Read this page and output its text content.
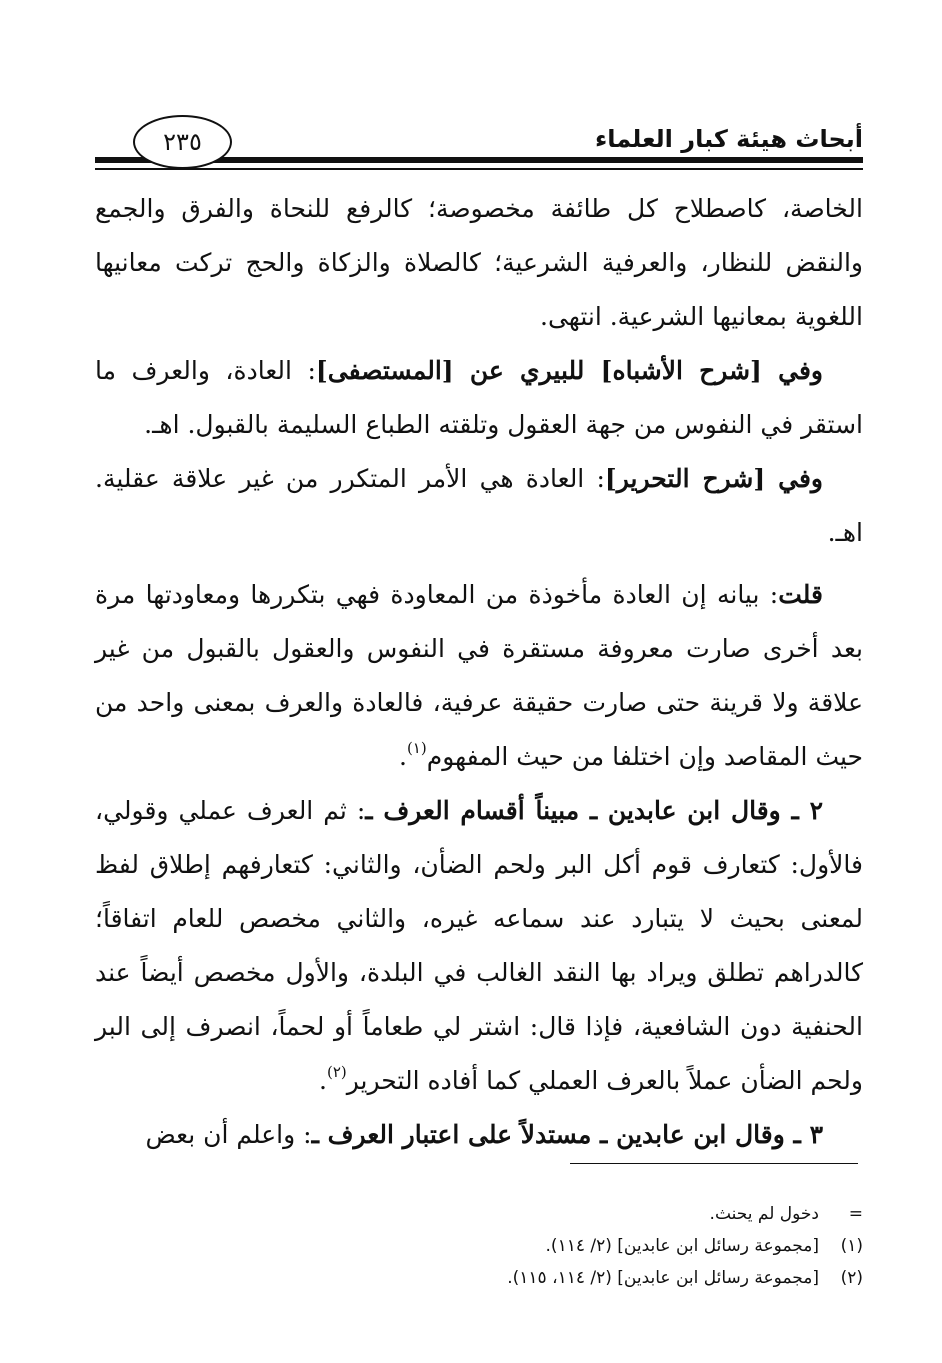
٢٣٥	أبحاث هيئة كبار العلماء

الخاصة، كاصطلاح كل طائفة مخصوصة؛ كالرفع للنحاة والفرق والجمع والنقض للنظار، والعرفية الشرعية؛ كالصلاة والزكاة والحج تركت معانيها اللغوية بمعانيها الشرعية. انتهى.

وفي [شرح الأشباه] للبيري عن [المستصفى]: العادة، والعرف ما استقر في النفوس من جهة العقول وتلقته الطباع السليمة بالقبول. اهـ.

وفي [شرح التحرير]: العادة هي الأمر المتكرر من غير علاقة عقلية. اهـ.

قلت: بيانه إن العادة مأخوذة من المعاودة فهي بتكررها ومعاودتها مرة بعد أخرى صارت معروفة مستقرة في النفوس والعقول بالقبول من غير علاقة ولا قرينة حتى صارت حقيقة عرفية، فالعادة والعرف بمعنى واحد من حيث المقاصد وإن اختلفا من حيث المفهوم$^{(١)}$.

٢ ـ وقال ابن عابدين ـ مبيناً أقسام العرف ـ: ثم العرف عملي وقولي، فالأول: كتعارف قوم أكل البر ولحم الضأن، والثاني: كتعارفهم إطلاق لفظ لمعنى بحيث لا يتبارد عند سماعه غيره، والثاني مخصص للعام اتفاقاً؛ كالدراهم تطلق ويراد بها النقد الغالب في البلدة، والأول مخصص أيضاً عند الحنفية دون الشافعية، فإذا قال: اشتر لي طعاماً أو لحماً، انصرف إلى البر ولحم الضأن عملاً بالعرف العملي كما أفاده التحرير$^{(٢)}$.

٣ ـ وقال ابن عابدين ـ مستدلاً على اعتبار العرف ـ: واعلم أن بعض

=
دخول لم يحنث.
(١)
[مجموعة رسائل ابن عابدين] (٢/ ١١٤).
(٢)
[مجموعة رسائل ابن عابدين] (٢/ ١١٤، ١١٥).
